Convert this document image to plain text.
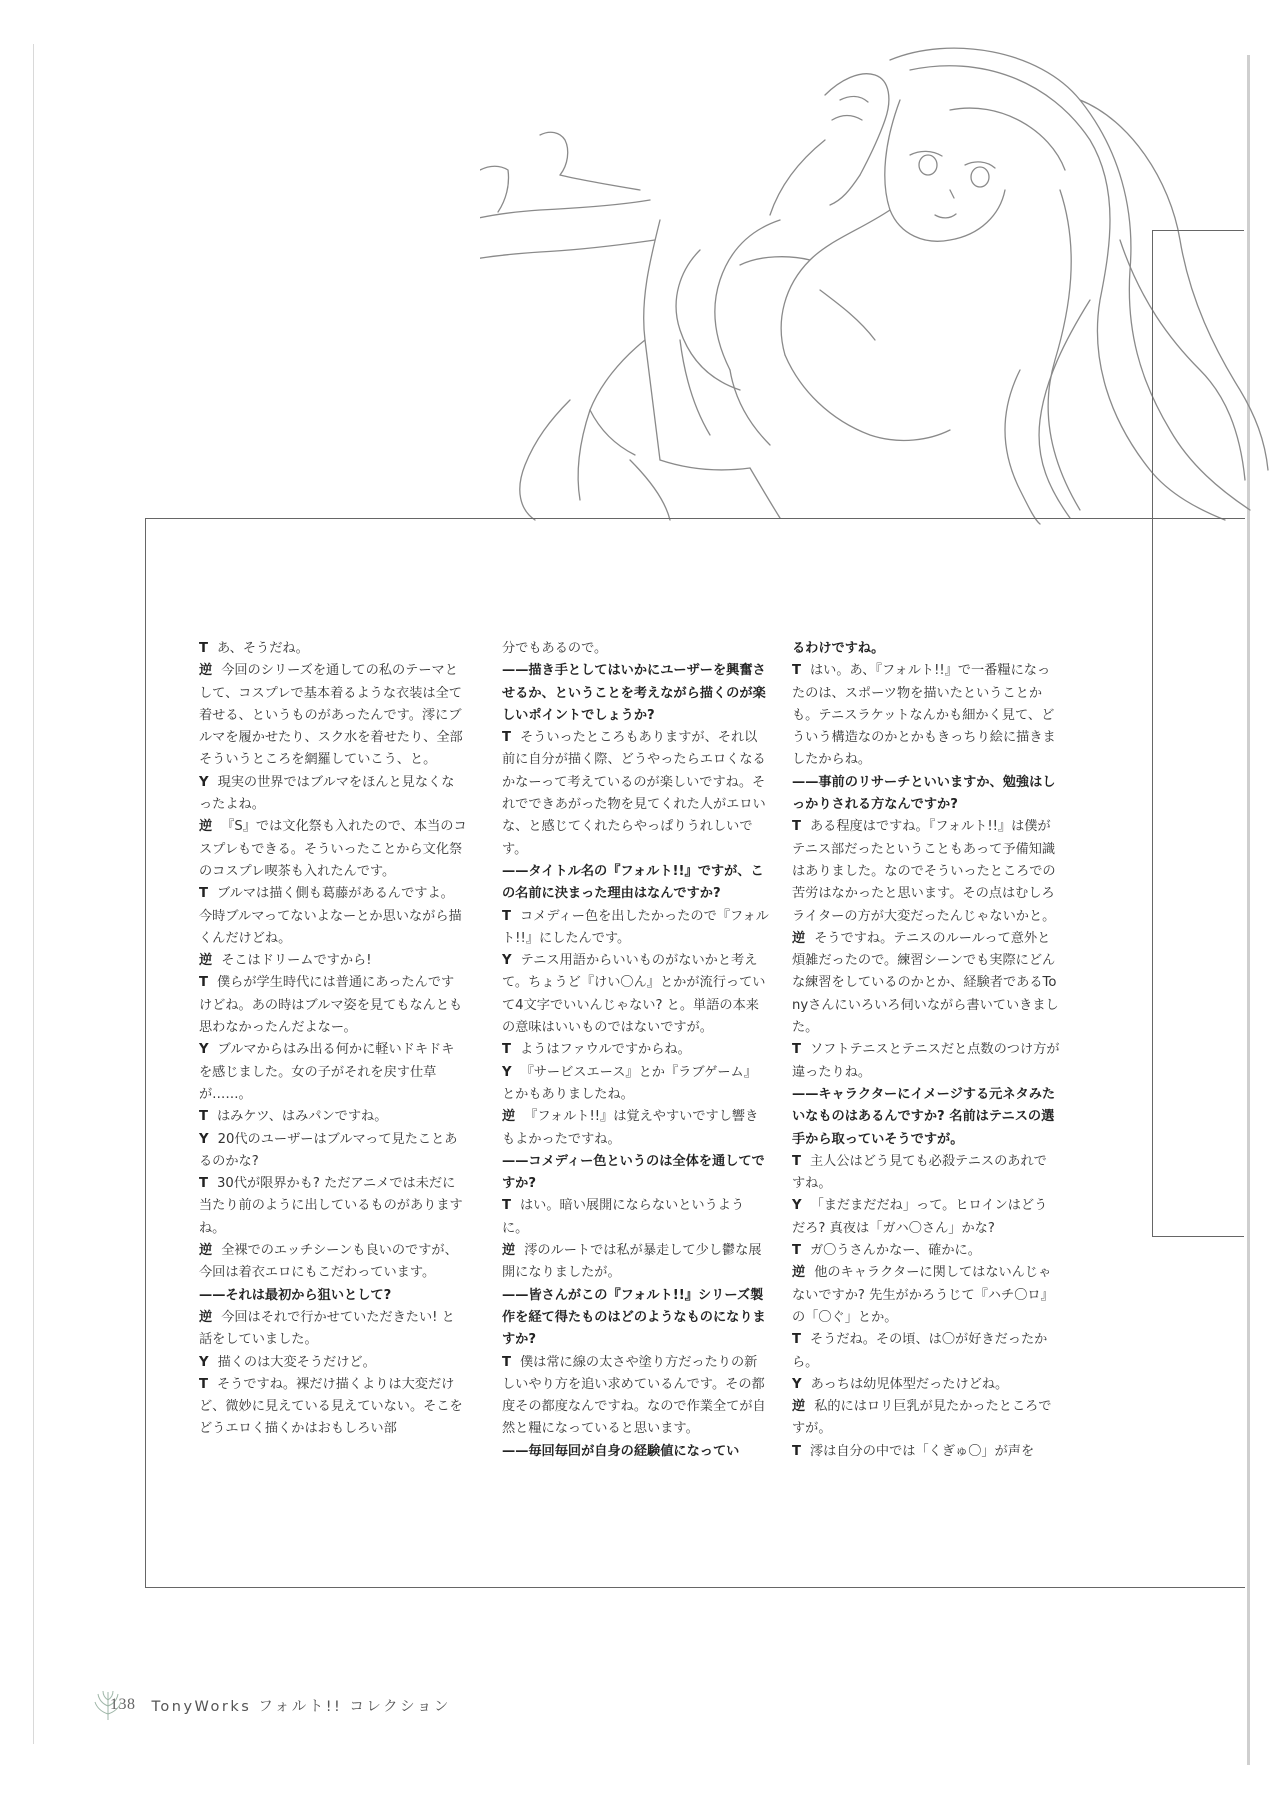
T あ、そうだね。

逆 今回のシリーズを通しての私のテーマとして、コスプレで基本着るような衣装は全て着せる、というものがあったんです。澪にブルマを履かせたり、スク水を着せたり、全部そういうところを網羅していこう、と。

Y 現実の世界ではブルマをほんと見なくなったよね。

逆 『S』では文化祭も入れたので、本当のコスプレもできる。そういったことから文化祭のコスプレ喫茶も入れたんです。

T ブルマは描く側も葛藤があるんですよ。今時ブルマってないよなーとか思いながら描くんだけどね。

逆 そこはドリームですから!

T 僕らが学生時代には普通にあったんですけどね。あの時はブルマ姿を見てもなんとも思わなかったんだよなー。

Y ブルマからはみ出る何かに軽いドキドキを感じました。女の子がそれを戻す仕草が……。

T はみケツ、はみパンですね。

Y 20代のユーザーはブルマって見たことあるのかな?

T 30代が限界かも? ただアニメでは未だに当たり前のように出しているものがありますね。

逆 全裸でのエッチシーンも良いのですが、今回は着衣エロにもこだわっています。

——それは最初から狙いとして?

逆 今回はそれで行かせていただきたい! と話をしていました。

Y 描くのは大変そうだけど。

T そうですね。裸だけ描くよりは大変だけど、微妙に見えている見えていない。そこをどうエロく描くかはおもしろい部

分でもあるので。

——描き手としてはいかにユーザーを興奮させるか、ということを考えながら描くのが楽しいポイントでしょうか?

T そういったところもありますが、それ以前に自分が描く際、どうやったらエロくなるかなーって考えているのが楽しいですね。それでできあがった物を見てくれた人がエロいな、と感じてくれたらやっぱりうれしいです。

——タイトル名の『フォルト!!』ですが、この名前に決まった理由はなんですか?

T コメディー色を出したかったので『フォルト!!』にしたんです。

Y テニス用語からいいものがないかと考えて。ちょうど『けい〇ん』とかが流行っていて4文字でいいんじゃない? と。単語の本来の意味はいいものではないですが。

T ようはファウルですからね。

Y 『サービスエース』とか『ラブゲーム』とかもありましたね。

逆 『フォルト!!』は覚えやすいですし響きもよかったですね。

——コメディー色というのは全体を通してですか?

T はい。暗い展開にならないというように。

逆 澪のルートでは私が暴走して少し鬱な展開になりましたが。

——皆さんがこの『フォルト!!』シリーズ製作を経て得たものはどのようなものになりますか?

T 僕は常に線の太さや塗り方だったりの新しいやり方を追い求めているんです。その都度その都度なんですね。なので作業全てが自然と糧になっていると思います。

——毎回毎回が自身の経験値になってい

るわけですね。

T はい。あ、『フォルト!!』で一番糧になったのは、スポーツ物を描いたということかも。テニスラケットなんかも細かく見て、どういう構造なのかとかもきっちり絵に描きましたからね。

——事前のリサーチといいますか、勉強はしっかりされる方なんですか?

T ある程度はですね。『フォルト!!』は僕がテニス部だったということもあって予備知識はありました。なのでそういったところでの苦労はなかったと思います。その点はむしろライターの方が大変だったんじゃないかと。

逆 そうですね。テニスのルールって意外と煩雑だったので。練習シーンでも実際にどんな練習をしているのかとか、経験者であるTonyさんにいろいろ伺いながら書いていきました。

T ソフトテニスとテニスだと点数のつけ方が違ったりね。

——キャラクターにイメージする元ネタみたいなものはあるんですか? 名前はテニスの選手から取っていそうですが。

T 主人公はどう見ても必殺テニスのあれですね。

Y 「まだまだだね」って。ヒロインはどうだろ? 真夜は「ガハ〇さん」かな?

T ガ〇うさんかなー、確かに。

逆 他のキャラクターに関してはないんじゃないですか? 先生がかろうじて『ハチ〇ロ』の「〇ぐ」とか。

T そうだね。その頃、は〇が好きだったから。

Y あっちは幼児体型だったけどね。

逆 私的にはロリ巨乳が見たかったところですが。

T 澪は自分の中では「くぎゅ〇」が声を

138 TonyWorks フォルト!! コレクション
